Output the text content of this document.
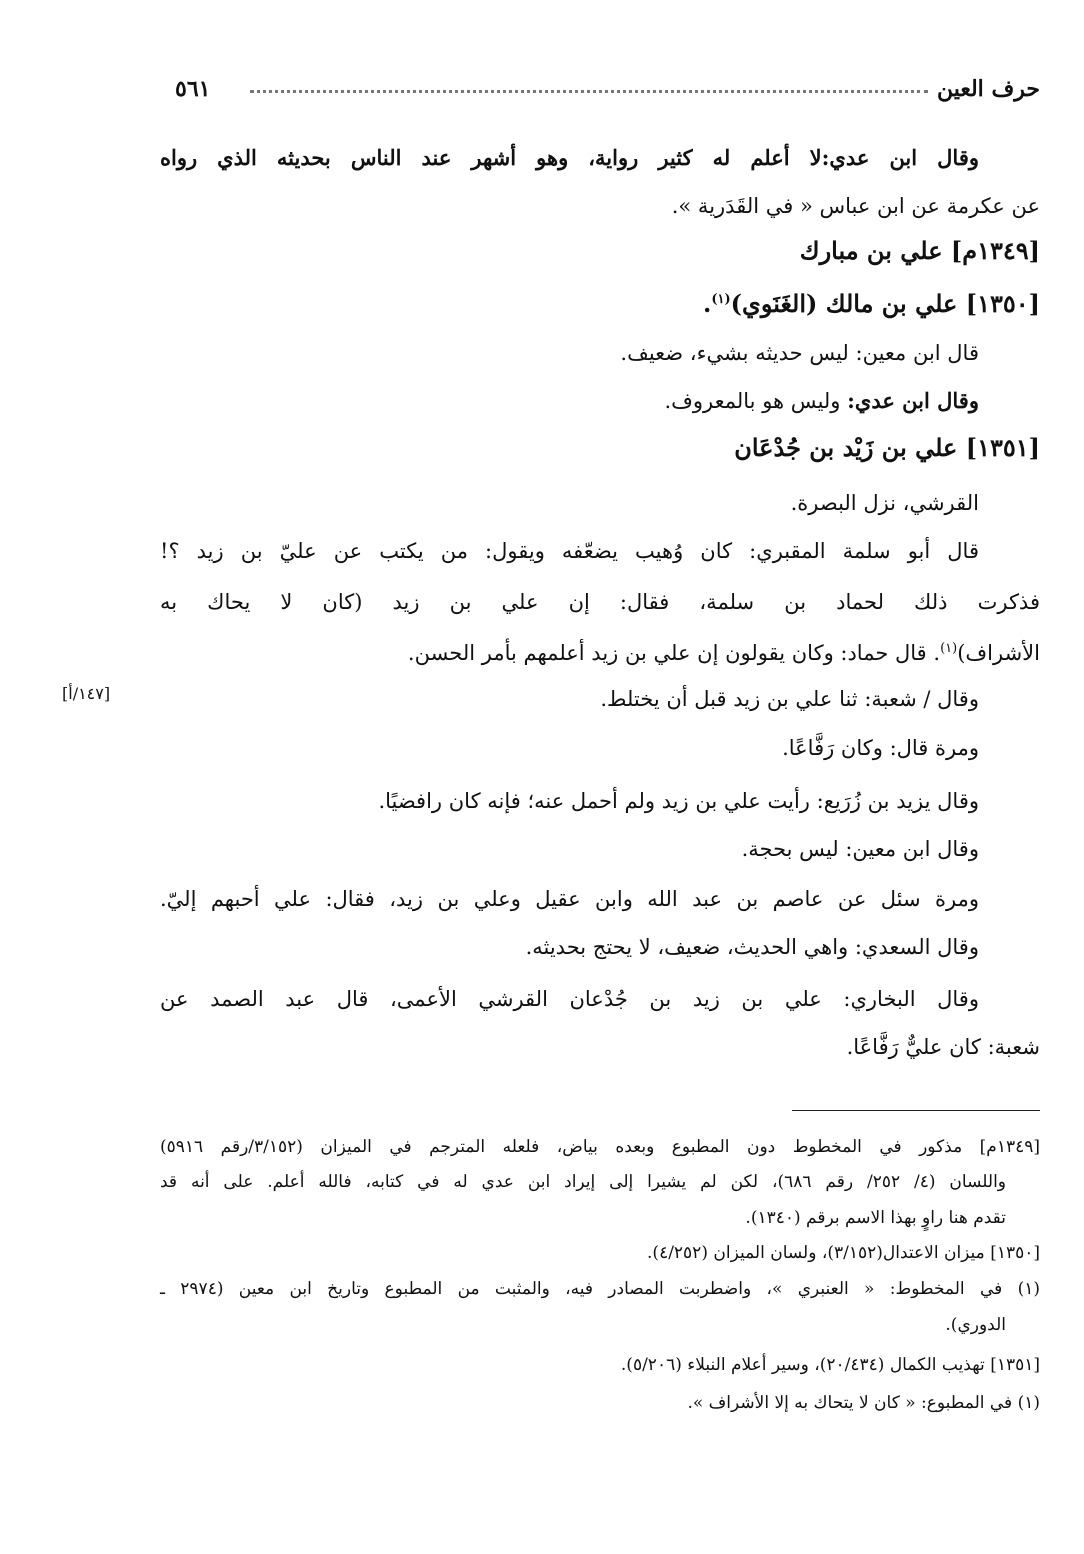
حرف العين
٥٦١
وقال ابن عدي:لا أعلم له كثير رواية، وهو أشهر عند الناس بحديثه الذي رواه
عن عكرمة عن ابن عباس « في القَدَرية ».
[١٣٤٩م] علي بن مبارك
[١٣٥٠] علي بن مالك (الغَنَوي)$^{(١)}$.
قال ابن معين: ليس حديثه بشيء، ضعيف.
وقال ابن عدي: وليس هو بالمعروف.
[١٣٥١] علي بن زَيْد بن جُدْعَان
القرشي، نزل البصرة.
قال أبو سلمة المقبري: كان وُهيب يضعّفه ويقول: من يكتب عن عليّ بن زيد ؟!
فذكرت ذلك لحماد بن سلمة، فقال: إن علي بن زيد (كان لا يحاك به
الأشراف)$^{(١)}$. قال حماد: وكان يقولون إن علي بن زيد أعلمهم بأمر الحسن.
وقال / شعبة: ثنا علي بن زيد قبل أن يختلط.
ومرة قال: وكان رَفَّاعًا.
وقال يزيد بن زُرَيع: رأيت علي بن زيد ولم أحمل عنه؛ فإنه كان رافضيًا.
وقال ابن معين: ليس بحجة.
ومرة سئل عن عاصم بن عبد الله وابن عقيل وعلي بن زيد، فقال: علي أحبهم إليّ.
وقال السعدي: واهي الحديث، ضعيف، لا يحتج بحديثه.
وقال البخاري: علي بن زيد بن جُدْعان القرشي الأعمى، قال عبد الصمد عن
شعبة: كان عليٌّ رَفَّاعًا.
[١٤٧/أ]
[١٣٤٩م] مذكور في المخطوط دون المطبوع وبعده بياض، فلعله المترجم في الميزان (٣/١٥٢/رقم ٥٩١٦)
واللسان (٤/ ٢٥٢/ رقم ٦٨٦)، لكن لم يشيرا إلى إيراد ابن عدي له في كتابه، فالله أعلم. على أنه قد
تقدم هنا راوٍ بهذا الاسم برقم (١٣٤٠).
[١٣٥٠] ميزان الاعتدال(٣/١٥٢)، ولسان الميزان (٤/٢٥٢).
(١) في المخطوط: « العنبري »، واضطربت المصادر فيه، والمثبت من المطبوع وتاريخ ابن معين (٢٩٧٤ ـ
الدوري).
[١٣٥١] تهذيب الكمال (٢٠/٤٣٤)، وسير أعلام النبلاء (٥/٢٠٦).
(١) في المطبوع: « كان لا يتحاك به إلا الأشراف ».
